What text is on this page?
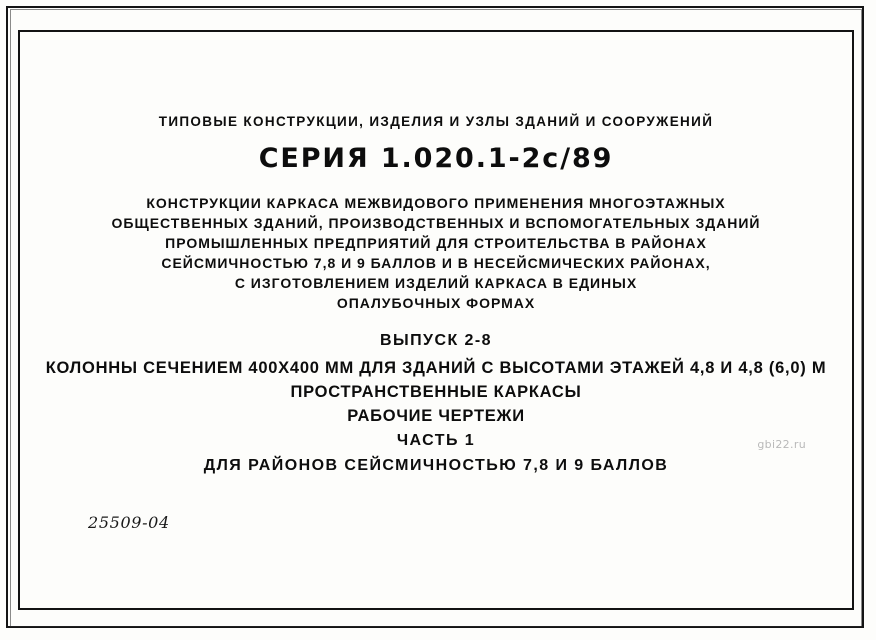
ТИПОВЫЕ КОНСТРУКЦИИ, ИЗДЕЛИЯ И УЗЛЫ ЗДАНИЙ И СООРУЖЕНИЙ
СЕРИЯ 1.020.1-2с/89
КОНСТРУКЦИИ КАРКАСА МЕЖВИДОВОГО ПРИМЕНЕНИЯ МНОГОЭТАЖНЫХ
ОБЩЕСТВЕННЫХ ЗДАНИЙ, ПРОИЗВОДСТВЕННЫХ И ВСПОМОГАТЕЛЬНЫХ ЗДАНИЙ
ПРОМЫШЛЕННЫХ ПРЕДПРИЯТИЙ ДЛЯ СТРОИТЕЛЬСТВА В РАЙОНАХ
СЕЙСМИЧНОСТЬЮ 7,8 И 9 БАЛЛОВ И В НЕСЕЙСМИЧЕСКИХ РАЙОНАХ,
С ИЗГОТОВЛЕНИЕМ ИЗДЕЛИЙ КАРКАСА В ЕДИНЫХ
ОПАЛУБОЧНЫХ ФОРМАХ
ВЫПУСК 2-8
КОЛОННЫ СЕЧЕНИЕМ 400Х400 ММ ДЛЯ ЗДАНИЙ С ВЫСОТАМИ ЭТАЖЕЙ 4,8 И 4,8 (6,0) М
ПРОСТРАНСТВЕННЫЕ КАРКАСЫ
РАБОЧИЕ ЧЕРТЕЖИ
ЧАСТЬ 1
ДЛЯ РАЙОНОВ СЕЙСМИЧНОСТЬЮ 7,8 И 9 БАЛЛОВ
25509-04
gbi22.ru
